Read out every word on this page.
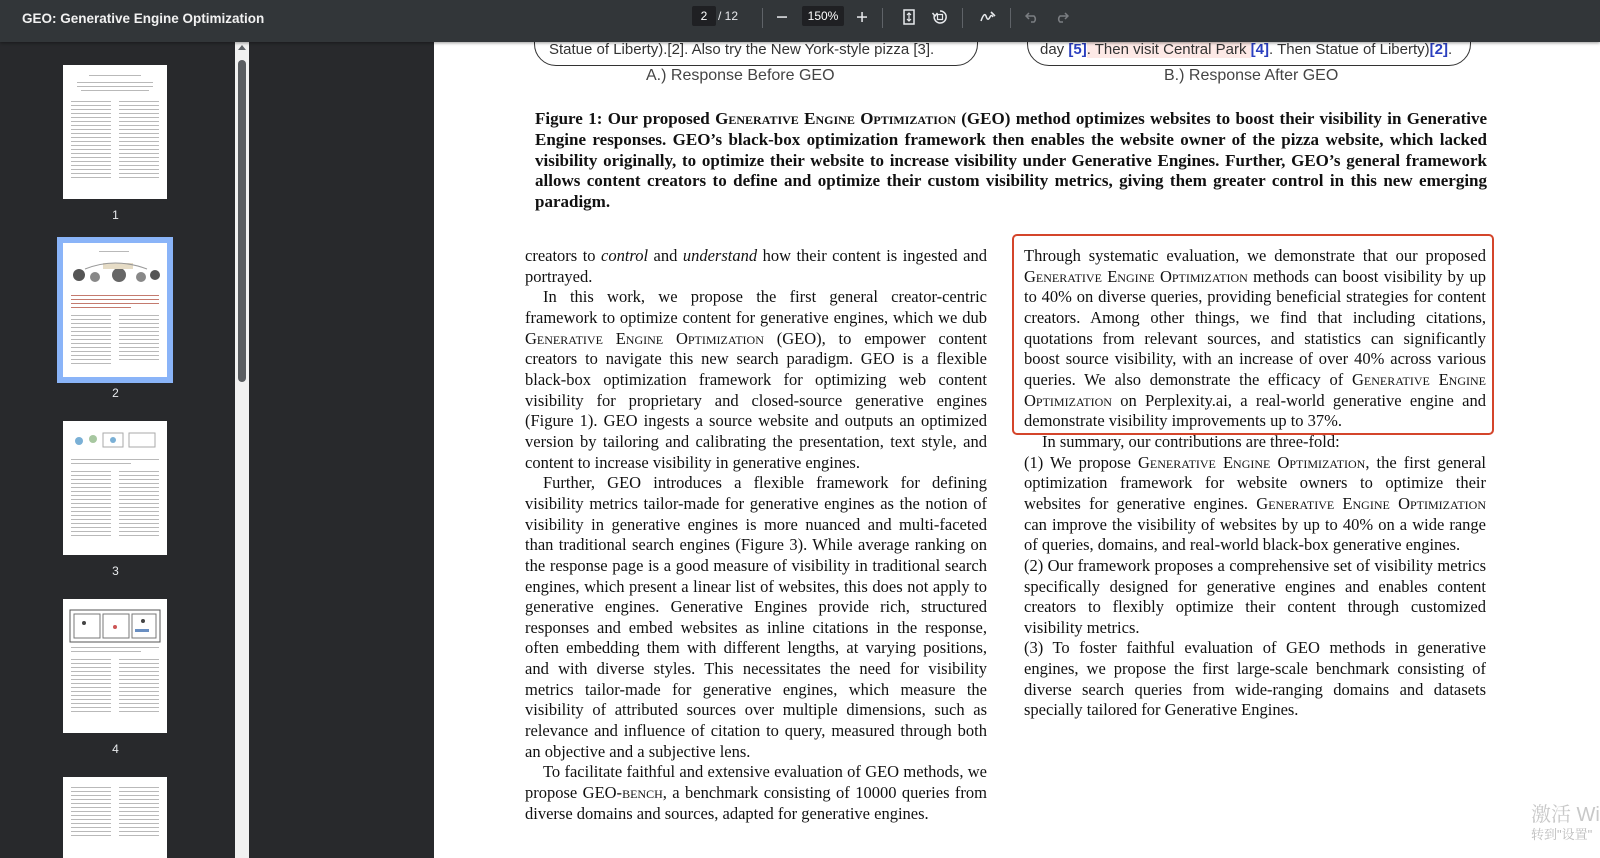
GEO: Generative Engine Optimization	2 / 12	150%
1
2
3
4
Statue of Liberty).[2]. Also try the New York-style pizza [3].	day [5]. Then visit Central Park [4]. Then Statue of Liberty)[2].
A.) Response Before GEO	B.) Response After GEO
Figure 1: Our proposed Generative Engine Optimization (GEO) method optimizes websites to boost their visibility in Generative Engine responses. GEO’s black-box optimization framework then enables the website owner of the pizza website, which lacked visibility originally, to optimize their website to increase visibility under Generative Engines. Further, GEO’s general framework allows content creators to define and optimize their custom visibility metrics, giving them greater control in this new emerging paradigm.

creators to control and understand how their content is ingested and portrayed.

In this work, we propose the first general creator-centric framework to optimize content for generative engines, which we dub Generative Engine Optimization (GEO), to empower content creators to navigate this new search paradigm. GEO is a flexible black-box optimization framework for optimizing web content visibility for proprietary and closed-source generative engines (Figure 1). GEO ingests a source website and outputs an optimized version by tailoring and calibrating the presentation, text style, and content to increase visibility in generative engines.

Further, GEO introduces a flexible framework for defining visibility metrics tailor-made for generative engines as the notion of visibility in generative engines is more nuanced and multi-faceted than traditional search engines (Figure 3). While average ranking on the response page is a good measure of visibility in traditional search engines, which present a linear list of websites, this does not apply to generative engines. Generative Engines provide rich, structured responses and embed websites as inline citations in the response, often embedding them with different lengths, at varying positions, and with diverse styles. This necessitates the need for visibility metrics tailor-made for generative engines, which measure the visibility of attributed sources over multiple dimensions, such as relevance and influence of citation to query, measured through both an objective and a subjective lens.

To facilitate faithful and extensive evaluation of GEO methods, we propose GEO-bench, a benchmark consisting of 10000 queries from diverse domains and sources, adapted for generative engines.

Through systematic evaluation, we demonstrate that our proposed Generative Engine Optimization methods can boost visibility by up to 40% on diverse queries, providing beneficial strategies for content creators. Among other things, we find that including citations, quotations from relevant sources, and statistics can significantly boost source visibility, with an increase of over 40% across various queries. We also demonstrate the efficacy of Generative Engine Optimization on Perplexity.ai, a real-world generative engine and demonstrate visibility improvements up to 37%.

In summary, our contributions are three-fold:

(1) We propose Generative Engine Optimization, the first general optimization framework for website owners to optimize their websites for generative engines. Generative Engine Optimization can improve the visibility of websites by up to 40% on a wide range of queries, domains, and real-world black-box generative engines.

(2) Our framework proposes a comprehensive set of visibility metrics specifically designed for generative engines and enables content creators to flexibly optimize their content through customized visibility metrics.

(3) To foster faithful evaluation of GEO methods in generative engines, we propose the first large-scale benchmark consisting of diverse search queries from wide-ranging domains and datasets specially tailored for Generative Engines.

激活 Wi
转到"设置"
